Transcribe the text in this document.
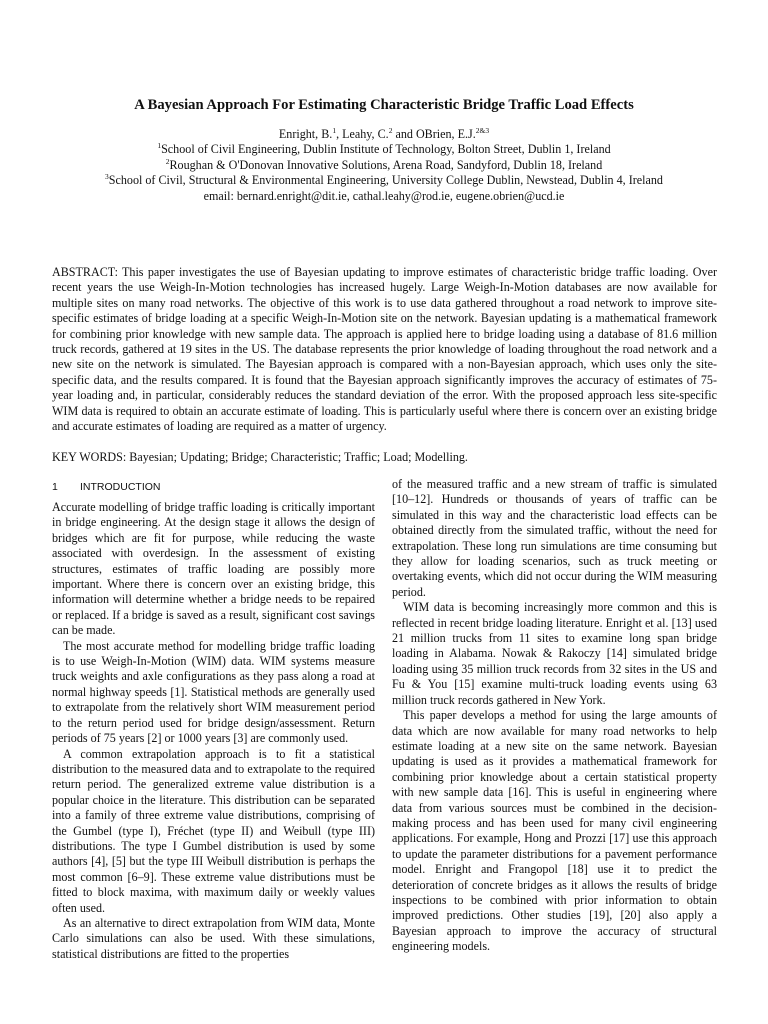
A Bayesian Approach For Estimating Characteristic Bridge Traffic Load Effects
Enright, B.$^1$, Leahy, C.$^2$ and OBrien, E.J.$^{2\&3}$
$^1$School of Civil Engineering, Dublin Institute of Technology, Bolton Street, Dublin 1, Ireland
$^2$Roughan & O'Donovan Innovative Solutions, Arena Road, Sandyford, Dublin 18, Ireland
$^3$School of Civil, Structural & Environmental Engineering, University College Dublin, Newstead, Dublin 4, Ireland
email: bernard.enright@dit.ie, cathal.leahy@rod.ie, eugene.obrien@ucd.ie
ABSTRACT: This paper investigates the use of Bayesian updating to improve estimates of characteristic bridge traffic loading. Over recent years the use Weigh-In-Motion technologies has increased hugely. Large Weigh-In-Motion databases are now available for multiple sites on many road networks. The objective of this work is to use data gathered throughout a road network to improve site-specific estimates of bridge loading at a specific Weigh-In-Motion site on the network. Bayesian updating is a mathematical framework for combining prior knowledge with new sample data. The approach is applied here to bridge loading using a database of 81.6 million truck records, gathered at 19 sites in the US. The database represents the prior knowledge of loading throughout the road network and a new site on the network is simulated. The Bayesian approach is compared with a non-Bayesian approach, which uses only the site-specific data, and the results compared. It is found that the Bayesian approach significantly improves the accuracy of estimates of 75-year loading and, in particular, considerably reduces the standard deviation of the error. With the proposed approach less site-specific WIM data is required to obtain an accurate estimate of loading. This is particularly useful where there is concern over an existing bridge and accurate estimates of loading are required as a matter of urgency.
KEY WORDS: Bayesian; Updating; Bridge; Characteristic; Traffic; Load; Modelling.
1 INTRODUCTION

Accurate modelling of bridge traffic loading is critically important in bridge engineering. At the design stage it allows the design of bridges which are fit for purpose, while reducing the waste associated with overdesign. In the assessment of existing structures, estimates of traffic loading are possibly more important. Where there is concern over an existing bridge, this information will determine whether a bridge needs to be repaired or replaced. If a bridge is saved as a result, significant cost savings can be made.

The most accurate method for modelling bridge traffic loading is to use Weigh-In-Motion (WIM) data. WIM systems measure truck weights and axle configurations as they pass along a road at normal highway speeds [1]. Statistical methods are generally used to extrapolate from the relatively short WIM measurement period to the return period used for bridge design/assessment. Return periods of 75 years [2] or 1000 years [3] are commonly used.

A common extrapolation approach is to fit a statistical distribution to the measured data and to extrapolate to the required return period. The generalized extreme value distribution is a popular choice in the literature. This distribution can be separated into a family of three extreme value distributions, comprising of the Gumbel (type I), Fréchet (type II) and Weibull (type III) distributions. The type I Gumbel distribution is used by some authors [4], [5] but the type III Weibull distribution is perhaps the most common [6–9]. These extreme value distributions must be fitted to block maxima, with maximum daily or weekly values often used.

As an alternative to direct extrapolation from WIM data, Monte Carlo simulations can also be used. With these simulations, statistical distributions are fitted to the properties

of the measured traffic and a new stream of traffic is simulated [10–12]. Hundreds or thousands of years of traffic can be simulated in this way and the characteristic load effects can be obtained directly from the simulated traffic, without the need for extrapolation. These long run simulations are time consuming but they allow for loading scenarios, such as truck meeting or overtaking events, which did not occur during the WIM measuring period.

WIM data is becoming increasingly more common and this is reflected in recent bridge loading literature. Enright et al. [13] used 21 million trucks from 11 sites to examine long span bridge loading in Alabama. Nowak & Rakoczy [14] simulated bridge loading using 35 million truck records from 32 sites in the US and Fu & You [15] examine multi-truck loading events using 63 million truck records gathered in New York.

This paper develops a method for using the large amounts of data which are now available for many road networks to help estimate loading at a new site on the same network. Bayesian updating is used as it provides a mathematical framework for combining prior knowledge about a certain statistical property with new sample data [16]. This is useful in engineering where data from various sources must be combined in the decision-making process and has been used for many civil engineering applications. For example, Hong and Prozzi [17] use this approach to update the parameter distributions for a pavement performance model. Enright and Frangopol [18] use it to predict the deterioration of concrete bridges as it allows the results of bridge inspections to be combined with prior information to obtain improved predictions. Other studies [19], [20] also apply a Bayesian approach to improve the accuracy of structural engineering models.
